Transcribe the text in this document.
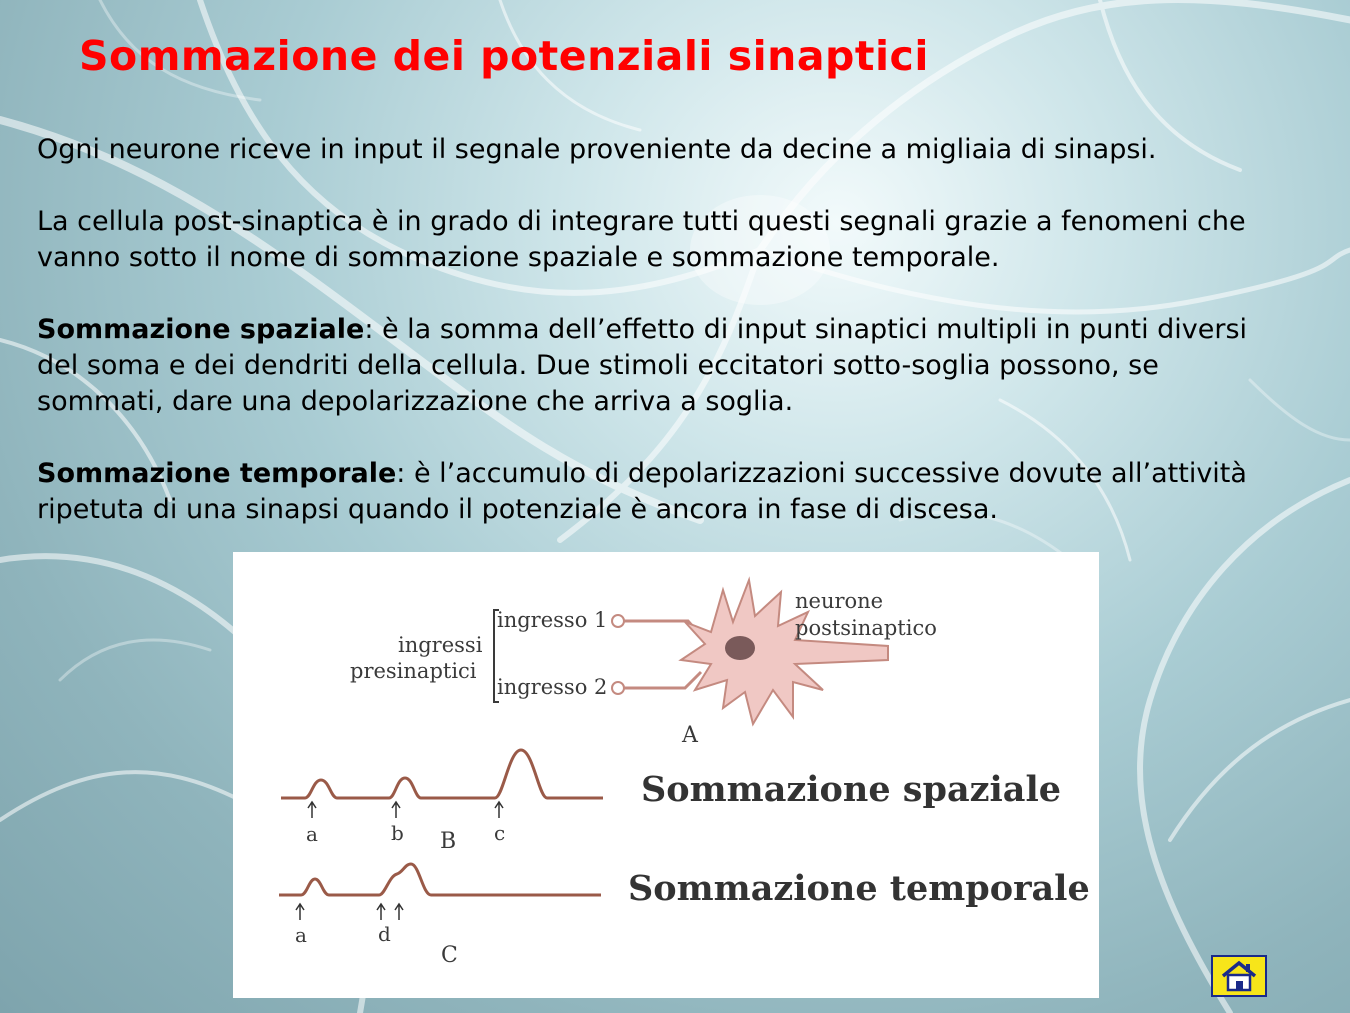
Sommazione dei potenziali sinaptici

Ogni neurone riceve in input il segnale proveniente da decine a migliaia di sinapsi.

La cellula post-sinaptica è in grado di integrare tutti questi segnali grazie a fenomeni che vanno sotto il nome di sommazione spaziale e sommazione temporale.

Sommazione spaziale: è la somma dell’effetto di input sinaptici multipli in punti diversi del soma e dei dendriti della cellula. Due stimoli eccitatori sotto-soglia possono, se sommati, dare una depolarizzazione che arriva a soglia.

Sommazione temporale: è l’accumulo di depolarizzazioni successive dovute all’attività ripetuta di una sinapsi quando il potenziale è ancora in fase di discesa.

ingressi
presinaptici
ingresso 1
ingresso 2
neurone
postsinaptico
A
a	b	c
B
Sommazione spaziale
a	d
C
Sommazione temporale
